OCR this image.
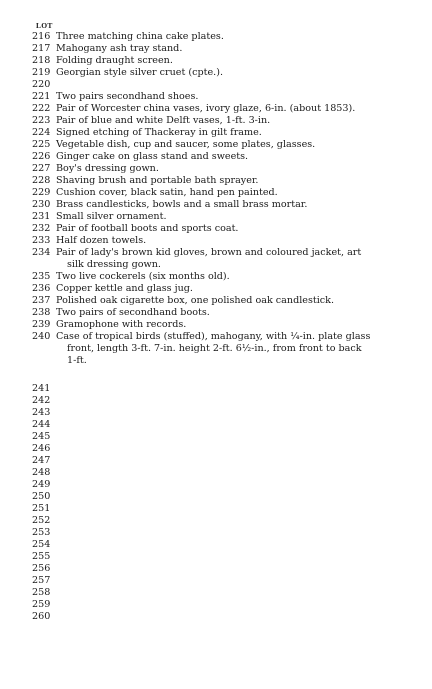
LOT
216 Three matching china cake plates.
217 Mahogany ash tray stand.
218 Folding draught screen.
219 Georgian style silver cruet (cpte.).
220
221 Two pairs secondhand shoes.
222 Pair of Worcester china vases, ivory glaze, 6-in. (about 1853).
223 Pair of blue and white Delft vases, 1-ft. 3-in.
224 Signed etching of Thackeray in gilt frame.
225 Vegetable dish, cup and saucer, some plates, glasses.
226 Ginger cake on glass stand and sweets.
227 Boy's dressing gown.
228 Shaving brush and portable bath sprayer.
229 Cushion cover, black satin, hand pen painted.
230 Brass candlesticks, bowls and a small brass mortar.
231 Small silver ornament.
232 Pair of football boots and sports coat.
233 Half dozen towels.
234 Pair of lady's brown kid gloves, brown and coloured jacket, art
silk dressing gown.
235 Two live cockerels (six months old).
236 Copper kettle and glass jug.
237 Polished oak cigarette box, one polished oak candlestick.
238 Two pairs of secondhand boots.
239 Gramophone with records.
240 Case of tropical birds (stuffed), mahogany, with ¼-in. plate glass
front, length 3-ft. 7-in. height 2-ft. 6½-in., from front to back
1-ft.
241
242
243
244
245
246
247
248
249
250
251
252
253
254
255
256
257
258
259
260
